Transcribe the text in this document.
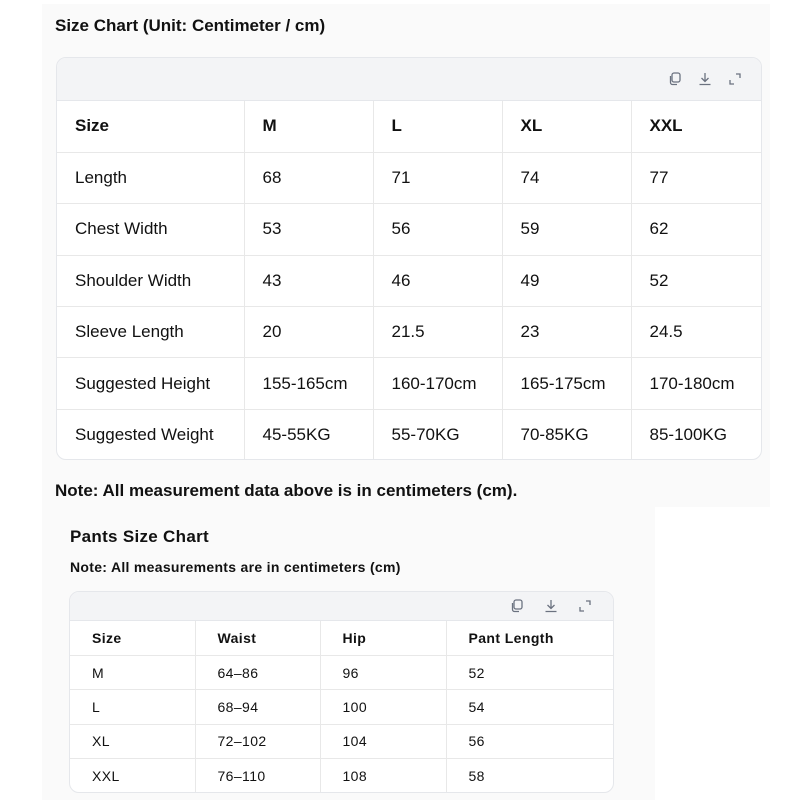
Size Chart (Unit: Centimeter / cm)
Size	M	L	XL	XXL
Length	68	71	74	77
Chest Width	53	56	59	62
Shoulder Width	43	46	49	52
Sleeve Length	20	21.5	23	24.5
Suggested Height	155-165cm	160-170cm	165-175cm	170-180cm
Suggested Weight	45-55KG	55-70KG	70-85KG	85-100KG
Note: All measurement data above is in centimeters (cm).
Pants Size Chart
Note: All measurements are in centimeters (cm)
Size	Waist	Hip	Pant Length
M	64–86	96	52
L	68–94	100	54
XL	72–102	104	56
XXL	76–110	108	58
